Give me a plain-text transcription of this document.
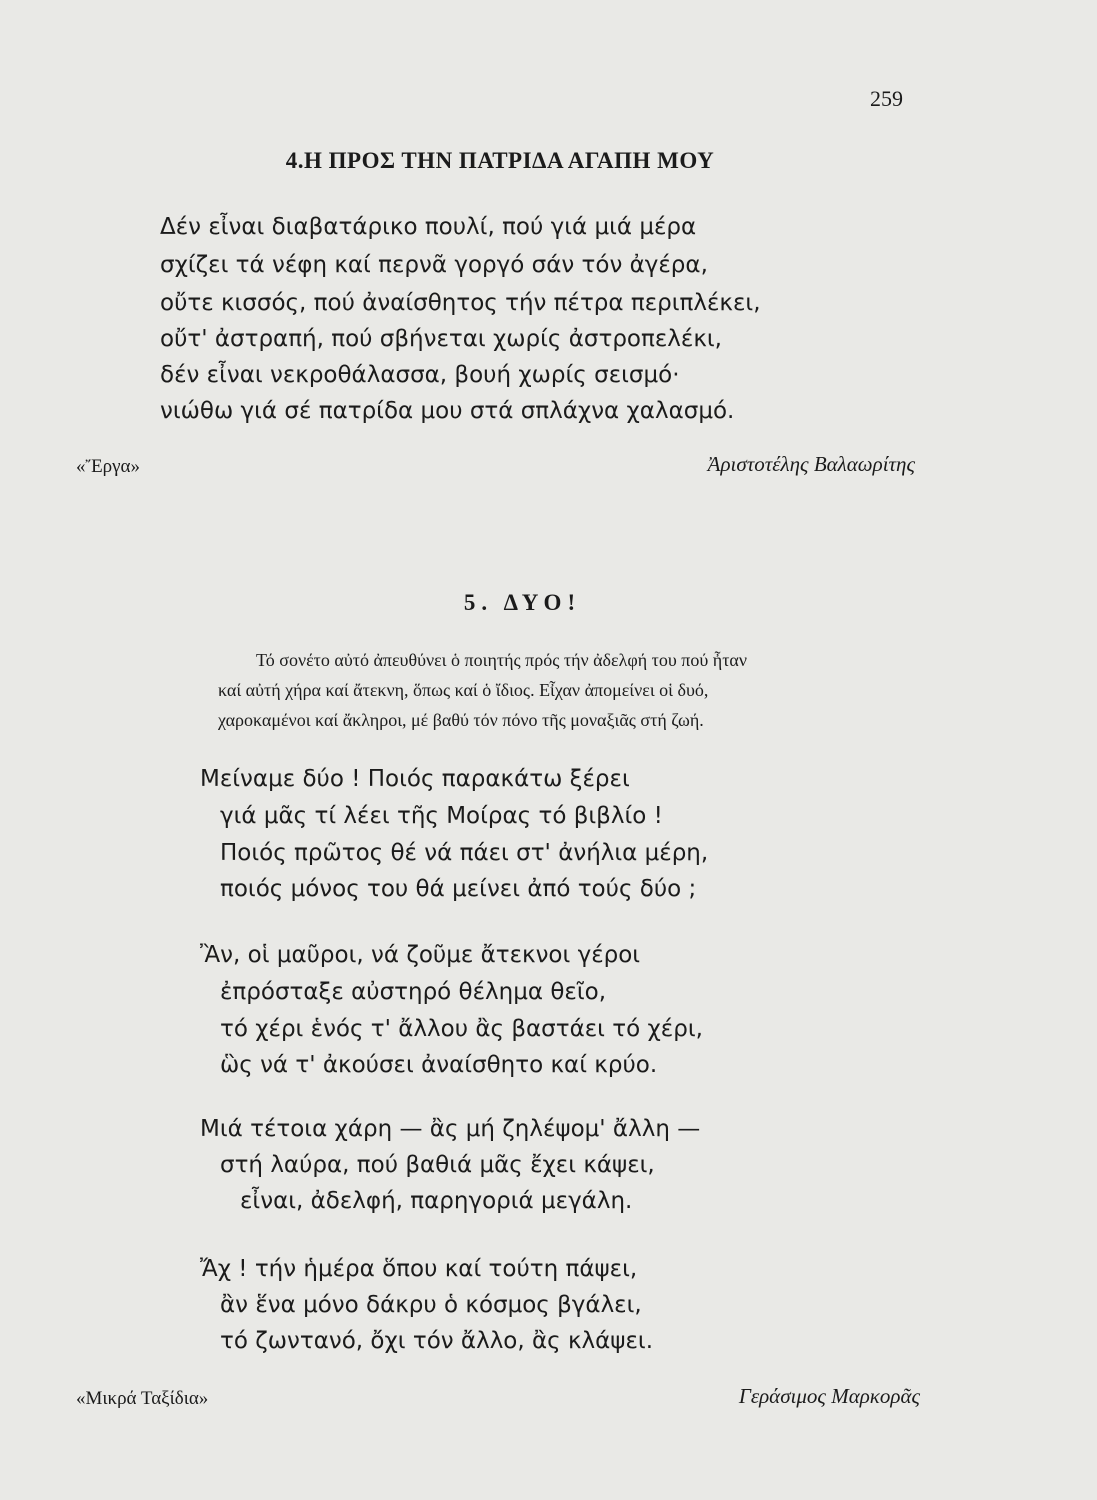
259
4.Η ΠΡΟΣ ΤΗΝ ΠΑΤΡΙΔΑ ΑΓΑΠΗ ΜΟΥ
Δέν εἶναι διαβατάρικο πουλί, πού γιά μιά μέρα
σχίζει τά νέφη καί περνᾶ γοργό σάν τόν ἀγέρα,
οὔτε κισσός, πού ἀναίσθητος τήν πέτρα περιπλέκει,
οὔτ' ἀστραπή, πού σβήνεται χωρίς ἀστροπελέκι,
δέν εἶναι νεκροθάλασσα, βουή χωρίς σεισμό·
νιώθω γιά σέ πατρίδα μου στά σπλάχνα χαλασμό.
«Ἔργα»	Ἀριστοτέλης Βαλαωρίτης
5. ΔΥΟ!
Τό σονέτο αὐτό ἀπευθύνει ὁ ποιητής πρός τήν ἀδελφή του πού ἦταν
καί αὐτή χήρα καί ἄτεκνη, ὅπως καί ὁ ἴδιος. Εἶχαν ἀπομείνει οἱ δυό,
χαροκαμένοι καί ἄκληροι, μέ βαθύ τόν πόνο τῆς μοναξιᾶς στή ζωή.
Μείναμε δύο ! Ποιός παρακάτω ξέρει
γιά μᾶς τί λέει τῆς Μοίρας τό βιβλίο !
Ποιός πρῶτος θέ νά πάει στ' ἀνήλια μέρη,
ποιός μόνος του θά μείνει ἀπό τούς δύο ;
Ἂν, οἱ μαῦροι, νά ζοῦμε ἄτεκνοι γέροι
ἐπρόσταξε αὐστηρό θέλημα θεῖο,
τό χέρι ἑνός τ' ἄλλου ἂς βαστάει τό χέρι,
ὣς νά τ' ἀκούσει ἀναίσθητο καί κρύο.
Μιά τέτοια χάρη — ἂς μή ζηλέψομ' ἄλλη —
στή λαύρα, πού βαθιά μᾶς ἔχει κάψει,
εἶναι, ἀδελφή, παρηγοριά μεγάλη.
Ἄχ ! τήν ἡμέρα ὅπου καί τούτη πάψει,
ἂν ἕνα μόνο δάκρυ ὁ κόσμος βγάλει,
τό ζωντανό, ὄχι τόν ἄλλο, ἂς κλάψει.
«Μικρά Ταξίδια»	Γεράσιμος Μαρκορᾶς
